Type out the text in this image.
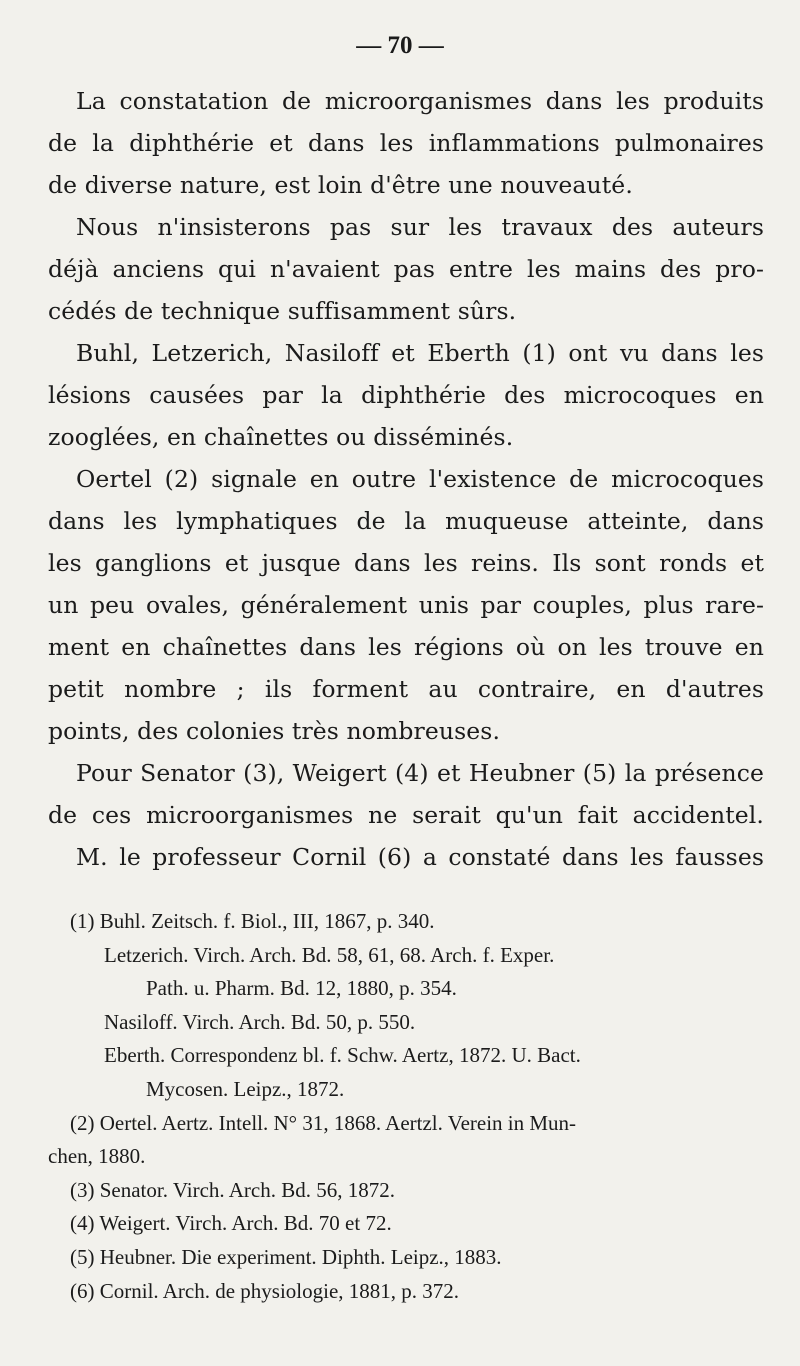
— 70 —
La constatation de microorganismes dans les produits
de la diphthérie et dans les inflammations pulmonaires
de diverse nature, est loin d'être une nouveauté.
Nous n'insisterons pas sur les travaux des auteurs
déjà anciens qui n'avaient pas entre les mains des pro-
cédés de technique suffisamment sûrs.
Buhl, Letzerich, Nasiloff et Eberth (1) ont vu dans les
lésions causées par la diphthérie des microcoques en
zooglées, en chaînettes ou disséminés.
Oertel (2) signale en outre l'existence de microcoques
dans les lymphatiques de la muqueuse atteinte, dans
les ganglions et jusque dans les reins. Ils sont ronds et
un peu ovales, généralement unis par couples, plus rare-
ment en chaînettes dans les régions où on les trouve en
petit nombre ; ils forment au contraire, en d'autres
points, des colonies très nombreuses.
Pour Senator (3), Weigert (4) et Heubner (5) la présence
de ces microorganismes ne serait qu'un fait accidentel.
M. le professeur Cornil (6) a constaté dans les fausses
(1) Buhl. Zeitsch. f. Biol., III, 1867, p. 340.
Letzerich. Virch. Arch. Bd. 58, 61, 68. Arch. f. Exper.
Path. u. Pharm. Bd. 12, 1880, p. 354.
Nasiloff. Virch. Arch. Bd. 50, p. 550.
Eberth. Correspondenz bl. f. Schw. Aertz, 1872. U. Bact.
Mycosen. Leipz., 1872.
(2) Oertel. Aertz. Intell. N° 31, 1868. Aertzl. Verein in Mun-
chen, 1880.
(3) Senator. Virch. Arch. Bd. 56, 1872.
(4) Weigert. Virch. Arch. Bd. 70 et 72.
(5) Heubner. Die experiment. Diphth. Leipz., 1883.
(6) Cornil. Arch. de physiologie, 1881, p. 372.
